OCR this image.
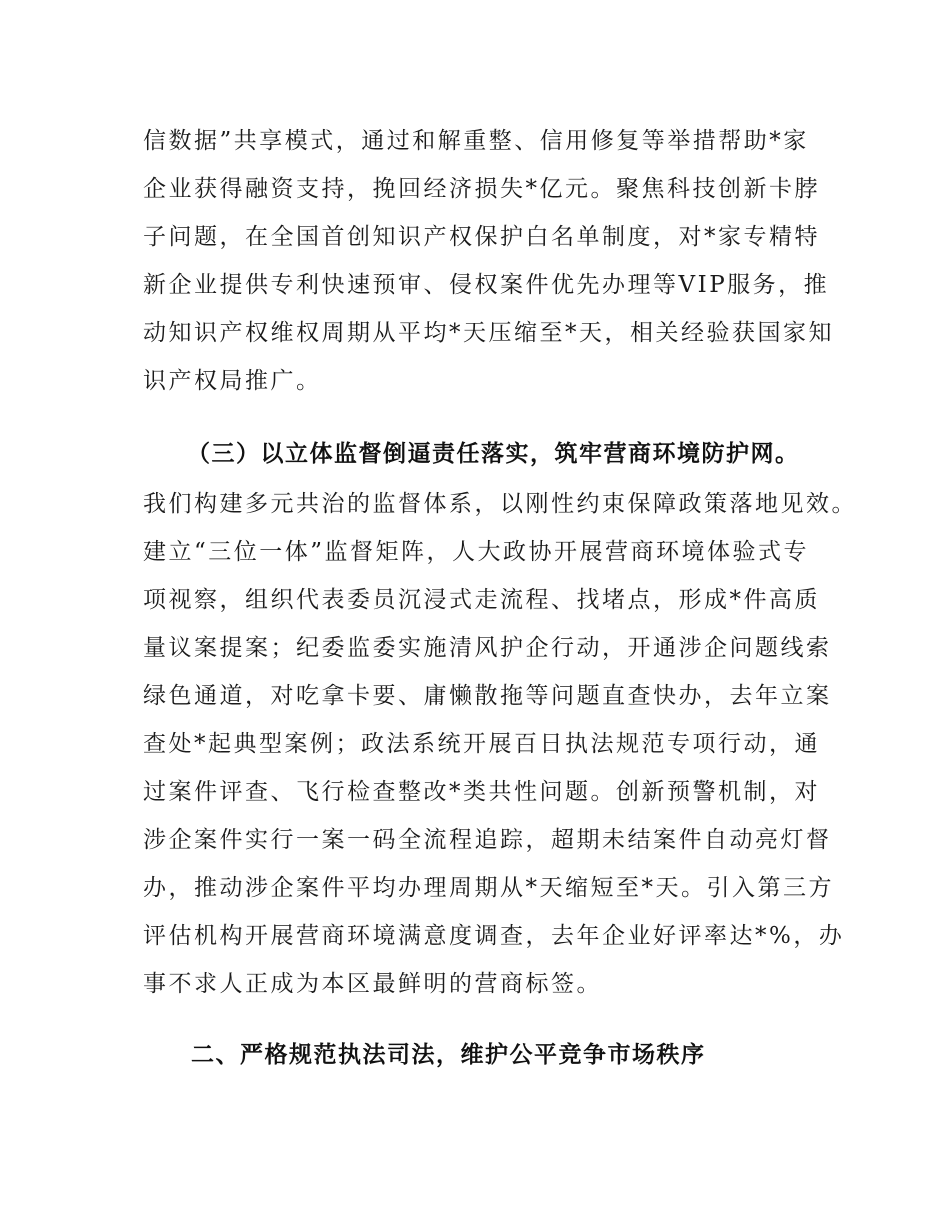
信数据”共享模式，通过和解重整、信用修复等举措帮助*家
企业获得融资支持，挽回经济损失*亿元。聚焦科技创新卡脖
子问题，在全国首创知识产权保护白名单制度，对*家专精特
新企业提供专利快速预审、侵权案件优先办理等VIP服务，推
动知识产权维权周期从平均*天压缩至*天，相关经验获国家知
识产权局推广。
（三）以立体监督倒逼责任落实，筑牢营商环境防护网。
我们构建多元共治的监督体系，以刚性约束保障政策落地见效。
建立“三位一体”监督矩阵，人大政协开展营商环境体验式专
项视察，组织代表委员沉浸式走流程、找堵点，形成*件高质
量议案提案；纪委监委实施清风护企行动，开通涉企问题线索
绿色通道，对吃拿卡要、庸懒散拖等问题直查快办，去年立案
查处*起典型案例；政法系统开展百日执法规范专项行动，通
过案件评查、飞行检查整改*类共性问题。创新预警机制，对
涉企案件实行一案一码全流程追踪，超期未结案件自动亮灯督
办，推动涉企案件平均办理周期从*天缩短至*天。引入第三方
评估机构开展营商环境满意度调查，去年企业好评率达*%，办
事不求人正成为本区最鲜明的营商标签。
二、严格规范执法司法，维护公平竞争市场秩序
